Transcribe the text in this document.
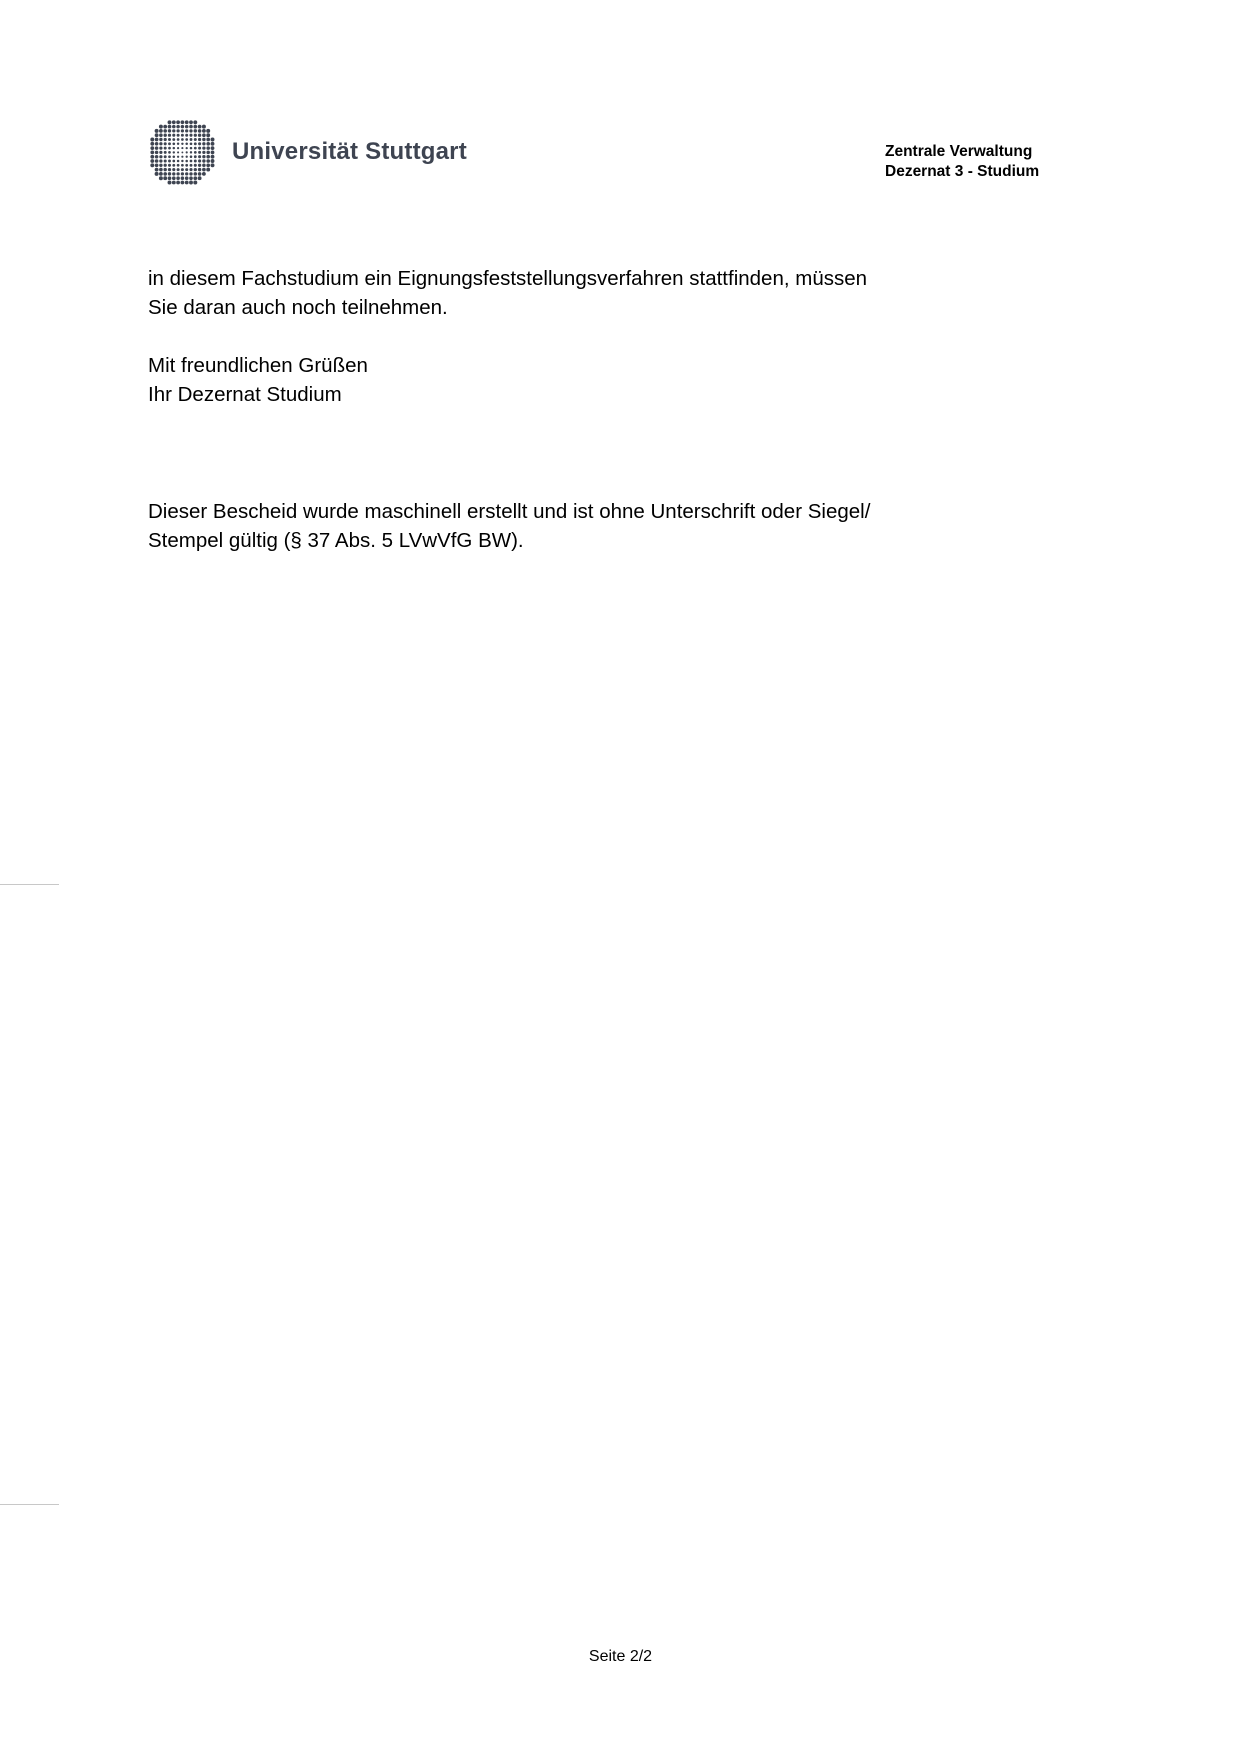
Universität Stuttgart	Zentrale Verwaltung
Dezernat 3 - Studium
in diesem Fachstudium ein Eignungsfeststellungsverfahren stattfinden, müssen
Sie daran auch noch teilnehmen.
Mit freundlichen Grüßen
Ihr Dezernat Studium
Dieser Bescheid wurde maschinell erstellt und ist ohne Unterschrift oder Siegel/
Stempel gültig (§ 37 Abs. 5 LVwVfG BW).
Seite 2/2
